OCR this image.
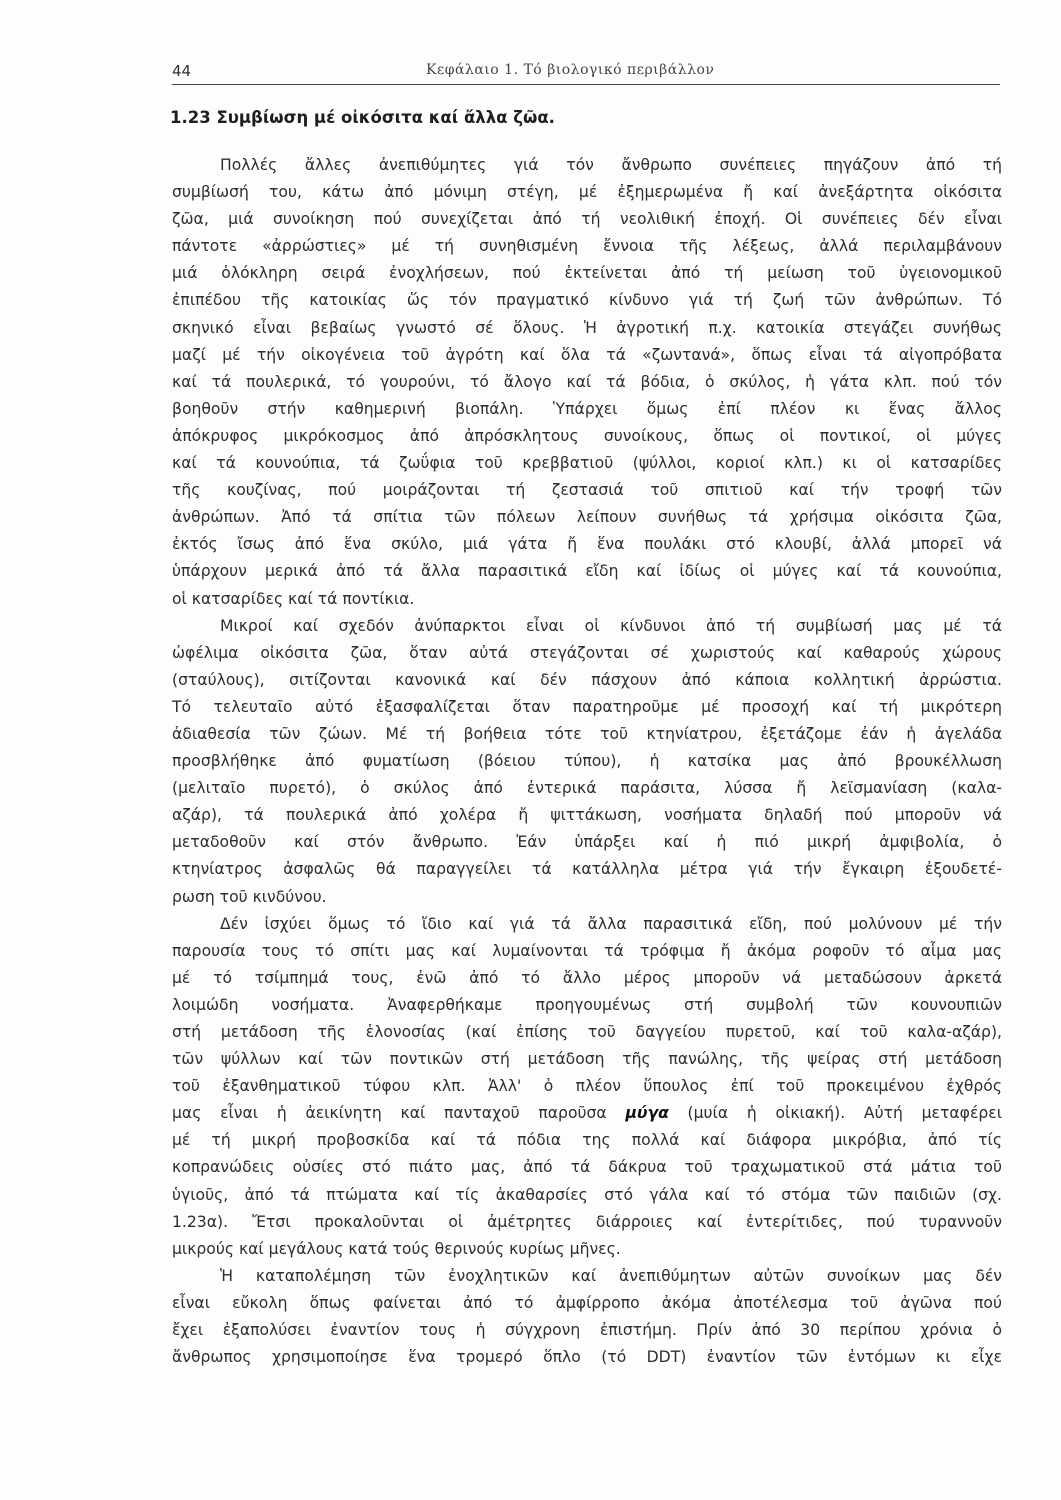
44	Κεφάλαιο 1. Τό βιολογικό περιβάλλον
1.23 Συμβίωση μέ οἰκόσιτα καί ἄλλα ζῶα.
Πολλές ἄλλες ἀνεπιθύμητες γιά τόν ἄνθρωπο συνέπειες πηγάζουν ἀπό τή
συμβίωσή του, κάτω ἀπό μόνιμη στέγη, μέ ἐξημερωμένα ἤ καί ἀνεξάρτητα οἰκόσιτα
ζῶα, μιά συνοίκηση πού συνεχίζεται ἀπό τή νεολιθική ἐποχή. Οἱ συνέπειες δέν εἶναι
πάντοτε «ἀρρώστιες» μέ τή συνηθισμένη ἔννοια τῆς λέξεως, ἀλλά περιλαμβάνουν
μιά ὁλόκληρη σειρά ἐνοχλήσεων, πού ἐκτείνεται ἀπό τή μείωση τοῦ ὑγειονομικοῦ
ἐπιπέδου τῆς κατοικίας ὥς τόν πραγματικό κίνδυνο γιά τή ζωή τῶν ἀνθρώπων. Τό
σκηνικό εἶναι βεβαίως γνωστό σέ ὅλους. Ἡ ἀγροτική π.χ. κατοικία στεγάζει συνήθως
μαζί μέ τήν οἰκογένεια τοῦ ἀγρότη καί ὅλα τά «ζωντανά», ὅπως εἶναι τά αἰγοπρόβατα
καί τά πουλερικά, τό γουρούνι, τό ἄλογο καί τά βόδια, ὁ σκύλος, ἡ γάτα κλπ. πού τόν
βοηθοῦν στήν καθημερινή βιοπάλη. Ὑπάρχει ὅμως ἐπί πλέον κι ἕνας ἄλλος
ἀπόκρυφος μικρόκοσμος ἀπό ἀπρόσκλητους συνοίκους, ὅπως οἱ ποντικοί, οἱ μύγες
καί τά κουνούπια, τά ζωΰφια τοῦ κρεββατιοῦ (ψύλλοι, κοριοί κλπ.) κι οἱ κατσαρίδες
τῆς κουζίνας, πού μοιράζονται τή ζεστασιά τοῦ σπιτιοῦ καί τήν τροφή τῶν
ἀνθρώπων. Ἀπό τά σπίτια τῶν πόλεων λείπουν συνήθως τά χρήσιμα οἰκόσιτα ζῶα,
ἐκτός ἴσως ἀπό ἕνα σκύλο, μιά γάτα ἤ ἕνα πουλάκι στό κλουβί, ἀλλά μπορεῖ νά
ὑπάρχουν μερικά ἀπό τά ἄλλα παρασιτικά εἴδη καί ἰδίως οἱ μύγες καί τά κουνούπια,
οἱ κατσαρίδες καί τά ποντίκια.
Μικροί καί σχεδόν ἀνύπαρκτοι εἶναι οἱ κίνδυνοι ἀπό τή συμβίωσή μας μέ τά
ὠφέλιμα οἰκόσιτα ζῶα, ὅταν αὐτά στεγάζονται σέ χωριστούς καί καθαρούς χώρους
(σταύλους), σιτίζονται κανονικά καί δέν πάσχουν ἀπό κάποια κολλητική ἀρρώστια.
Τό τελευταῖο αὐτό ἐξασφαλίζεται ὅταν παρατηροῦμε μέ προσοχή καί τή μικρότερη
ἀδιαθεσία τῶν ζώων. Μέ τή βοήθεια τότε τοῦ κτηνίατρου, ἐξετάζομε ἐάν ἡ ἀγελάδα
προσβλήθηκε ἀπό φυματίωση (βόειου τύπου), ἡ κατσίκα μας ἀπό βρουκέλλωση
(μελιταῖο πυρετό), ὁ σκύλος ἀπό ἐντερικά παράσιτα, λύσσα ἤ λεϊσμανίαση (καλα-
αζάρ), τά πουλερικά ἀπό χολέρα ἤ ψιττάκωση, νοσήματα δηλαδή πού μποροῦν νά
μεταδοθοῦν καί στόν ἄνθρωπο. Ἐάν ὑπάρξει καί ἡ πιό μικρή ἀμφιβολία, ὁ
κτηνίατρος ἀσφαλῶς θά παραγγείλει τά κατάλληλα μέτρα γιά τήν ἔγκαιρη ἐξουδετέ-
ρωση τοῦ κινδύνου.
Δέν ἰσχύει ὅμως τό ἴδιο καί γιά τά ἄλλα παρασιτικά εἴδη, πού μολύνουν μέ τήν
παρουσία τους τό σπίτι μας καί λυμαίνονται τά τρόφιμα ἤ ἀκόμα ροφοῦν τό αἷμα μας
μέ τό τσίμπημά τους, ἐνῶ ἀπό τό ἄλλο μέρος μποροῦν νά μεταδώσουν ἀρκετά
λοιμώδη νοσήματα. Ἀναφερθήκαμε προηγουμένως στή συμβολή τῶν κουνουπιῶν
στή μετάδοση τῆς ἑλονοσίας (καί ἐπίσης τοῦ δαγγείου πυρετοῦ, καί τοῦ καλα-αζάρ),
τῶν ψύλλων καί τῶν ποντικῶν στή μετάδοση τῆς πανώλης, τῆς ψείρας στή μετάδοση
τοῦ ἐξανθηματικοῦ τύφου κλπ. Ἀλλ' ὁ πλέον ὕπουλος ἐπί τοῦ προκειμένου ἐχθρός
μας εἶναι ἡ ἀεικίνητη καί πανταχοῦ παροῦσα μύγα (μυία ἡ οἰκιακή). Αὐτή μεταφέρει
μέ τή μικρή προβοσκίδα καί τά πόδια της πολλά καί διάφορα μικρόβια, ἀπό τίς
κοπρανώδεις οὐσίες στό πιάτο μας, ἀπό τά δάκρυα τοῦ τραχωματικοῦ στά μάτια τοῦ
ὑγιοῦς, ἀπό τά πτώματα καί τίς ἀκαθαρσίες στό γάλα καί τό στόμα τῶν παιδιῶν (σχ.
1.23α). Ἔτσι προκαλοῦνται οἱ ἀμέτρητες διάρροιες καί ἐντερίτιδες, πού τυραννοῦν
μικρούς καί μεγάλους κατά τούς θερινούς κυρίως μῆνες.
Ἡ καταπολέμηση τῶν ἐνοχλητικῶν καί ἀνεπιθύμητων αὐτῶν συνοίκων μας δέν
εἶναι εὔκολη ὅπως φαίνεται ἀπό τό ἀμφίρροπο ἀκόμα ἀποτέλεσμα τοῦ ἀγῶνα πού
ἔχει ἐξαπολύσει ἐναντίον τους ἡ σύγχρονη ἐπιστήμη. Πρίν ἀπό 30 περίπου χρόνια ὁ
ἄνθρωπος χρησιμοποίησε ἕνα τρομερό ὅπλο (τό DDT) ἐναντίον τῶν ἐντόμων κι εἶχε
